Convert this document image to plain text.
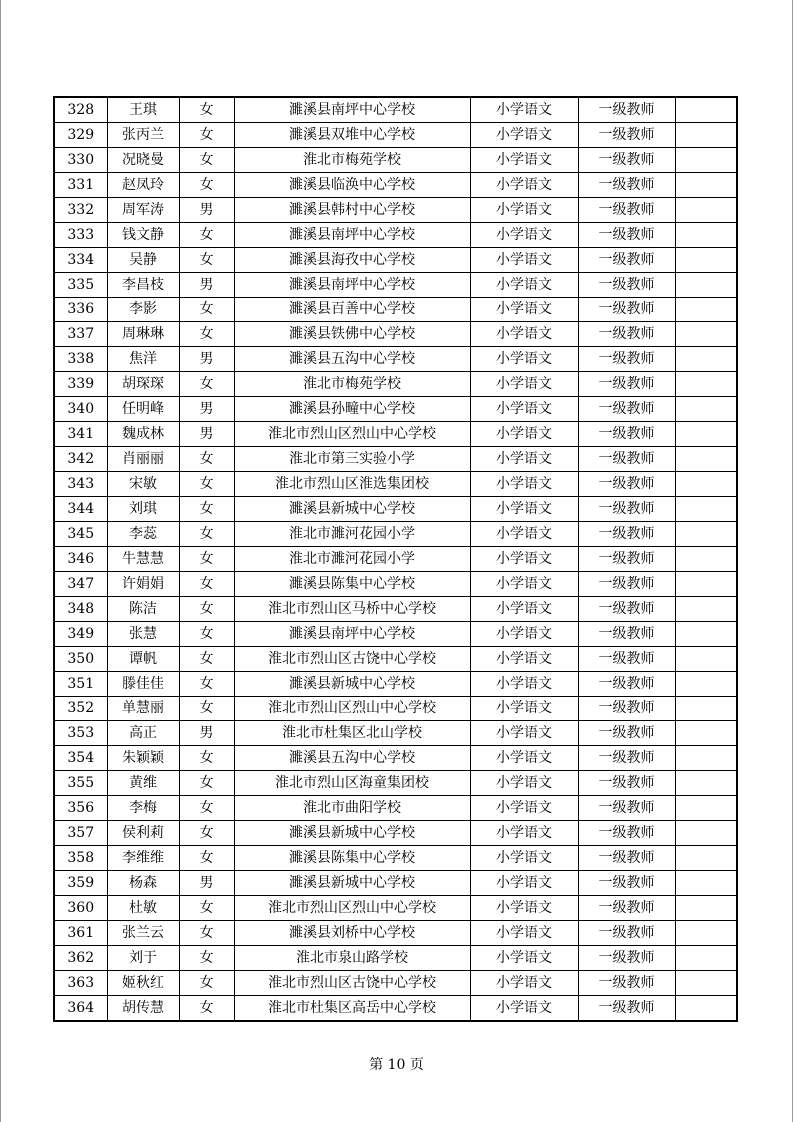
328	王琪	女	濉溪县南坪中心学校	小学语文	一级教师	
329	张丙兰	女	濉溪县双堆中心学校	小学语文	一级教师	
330	况晓曼	女	淮北市梅苑学校	小学语文	一级教师	
331	赵凤玲	女	濉溪县临涣中心学校	小学语文	一级教师	
332	周军涛	男	濉溪县韩村中心学校	小学语文	一级教师	
333	钱文静	女	濉溪县南坪中心学校	小学语文	一级教师	
334	吴静	女	濉溪县海孜中心学校	小学语文	一级教师	
335	李昌枝	男	濉溪县南坪中心学校	小学语文	一级教师	
336	李影	女	濉溪县百善中心学校	小学语文	一级教师	
337	周琳琳	女	濉溪县铁佛中心学校	小学语文	一级教师	
338	焦洋	男	濉溪县五沟中心学校	小学语文	一级教师	
339	胡琛琛	女	淮北市梅苑学校	小学语文	一级教师	
340	任明峰	男	濉溪县孙疃中心学校	小学语文	一级教师	
341	魏成林	男	淮北市烈山区烈山中心学校	小学语文	一级教师	
342	肖丽丽	女	淮北市第三实验小学	小学语文	一级教师	
343	宋敏	女	淮北市烈山区淮选集团校	小学语文	一级教师	
344	刘琪	女	濉溪县新城中心学校	小学语文	一级教师	
345	李蕊	女	淮北市濉河花园小学	小学语文	一级教师	
346	牛慧慧	女	淮北市濉河花园小学	小学语文	一级教师	
347	许娟娟	女	濉溪县陈集中心学校	小学语文	一级教师	
348	陈洁	女	淮北市烈山区马桥中心学校	小学语文	一级教师	
349	张慧	女	濉溪县南坪中心学校	小学语文	一级教师	
350	谭帆	女	淮北市烈山区古饶中心学校	小学语文	一级教师	
351	滕佳佳	女	濉溪县新城中心学校	小学语文	一级教师	
352	单慧丽	女	淮北市烈山区烈山中心学校	小学语文	一级教师	
353	高正	男	淮北市杜集区北山学校	小学语文	一级教师	
354	朱颖颖	女	濉溪县五沟中心学校	小学语文	一级教师	
355	黄维	女	淮北市烈山区海童集团校	小学语文	一级教师	
356	李梅	女	淮北市曲阳学校	小学语文	一级教师	
357	侯利莉	女	濉溪县新城中心学校	小学语文	一级教师	
358	李维维	女	濉溪县陈集中心学校	小学语文	一级教师	
359	杨森	男	濉溪县新城中心学校	小学语文	一级教师	
360	杜敏	女	淮北市烈山区烈山中心学校	小学语文	一级教师	
361	张兰云	女	濉溪县刘桥中心学校	小学语文	一级教师	
362	刘于	女	淮北市泉山路学校	小学语文	一级教师	
363	姬秋红	女	淮北市烈山区古饶中心学校	小学语文	一级教师	
364	胡传慧	女	淮北市杜集区高岳中心学校	小学语文	一级教师	
第 10 页
